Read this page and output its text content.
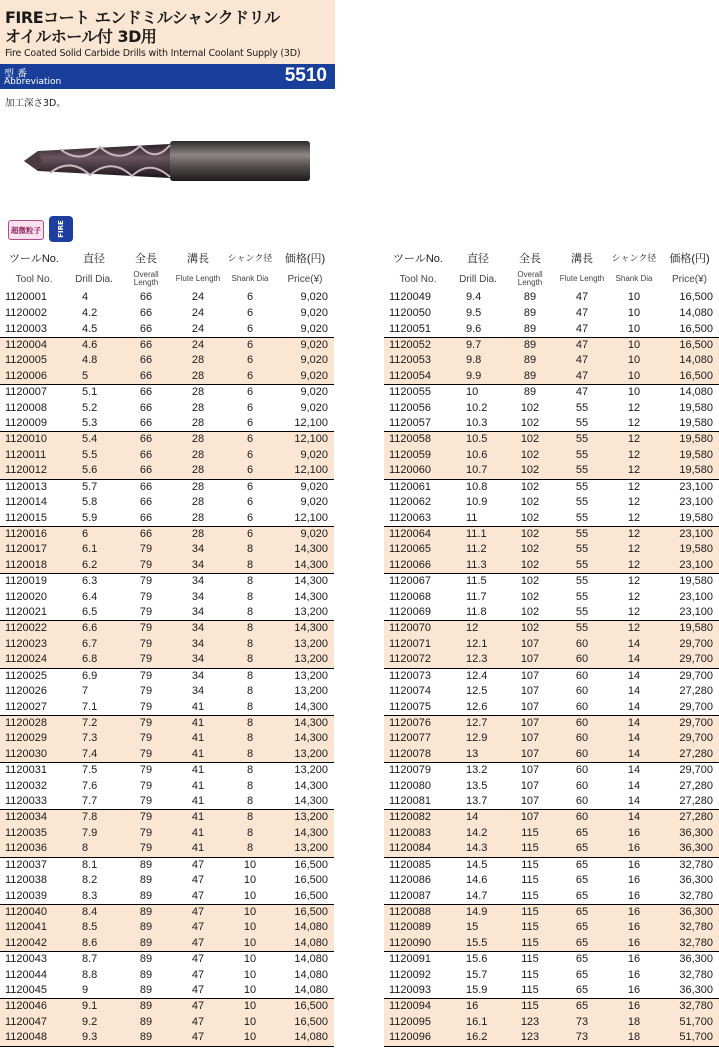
FIREコート エンドミルシャンクドリル
オイルホール付 3D用
Fire Coated Solid Carbide Drills with Internal Coolant Supply (3D)
型 番
Abbreviation	5510
加工深さ3D。
超微粒子	FIRE
ツールNo.	直径	全長	溝長	シャンク径	価格(円)
Tool No.	Drill Dia.	Overall Length	Flute Length	Shank Dia	Price(¥)
1120001	4	66	24	6	9,020
1120002	4.2	66	24	6	9,020
1120003	4.5	66	24	6	9,020
1120004	4.6	66	24	6	9,020
1120005	4.8	66	28	6	9,020
1120006	5	66	28	6	9,020
1120007	5.1	66	28	6	9,020
1120008	5.2	66	28	6	9,020
1120009	5.3	66	28	6	12,100
1120010	5.4	66	28	6	12,100
1120011	5.5	66	28	6	9,020
1120012	5.6	66	28	6	12,100
1120013	5.7	66	28	6	9,020
1120014	5.8	66	28	6	9,020
1120015	5.9	66	28	6	12,100
1120016	6	66	28	6	9,020
1120017	6.1	79	34	8	14,300
1120018	6.2	79	34	8	14,300
1120019	6.3	79	34	8	14,300
1120020	6.4	79	34	8	14,300
1120021	6.5	79	34	8	13,200
1120022	6.6	79	34	8	14,300
1120023	6.7	79	34	8	13,200
1120024	6.8	79	34	8	13,200
1120025	6.9	79	34	8	13,200
1120026	7	79	34	8	13,200
1120027	7.1	79	41	8	14,300
1120028	7.2	79	41	8	14,300
1120029	7.3	79	41	8	14,300
1120030	7.4	79	41	8	13,200
1120031	7.5	79	41	8	13,200
1120032	7.6	79	41	8	14,300
1120033	7.7	79	41	8	14,300
1120034	7.8	79	41	8	13,200
1120035	7.9	79	41	8	14,300
1120036	8	79	41	8	13,200
1120037	8.1	89	47	10	16,500
1120038	8.2	89	47	10	16,500
1120039	8.3	89	47	10	16,500
1120040	8.4	89	47	10	16,500
1120041	8.5	89	47	10	14,080
1120042	8.6	89	47	10	14,080
1120043	8.7	89	47	10	14,080
1120044	8.8	89	47	10	14,080
1120045	9	89	47	10	14,080
1120046	9.1	89	47	10	16,500
1120047	9.2	89	47	10	16,500
1120048	9.3	89	47	10	14,080
ツールNo.	直径	全長	溝長	シャンク径	価格(円)
Tool No.	Drill Dia.	Overall Length	Flute Length	Shank Dia	Price(¥)
1120049	9.4	89	47	10	16,500
1120050	9.5	89	47	10	14,080
1120051	9.6	89	47	10	16,500
1120052	9.7	89	47	10	16,500
1120053	9.8	89	47	10	14,080
1120054	9.9	89	47	10	16,500
1120055	10	89	47	10	14,080
1120056	10.2	102	55	12	19,580
1120057	10.3	102	55	12	19,580
1120058	10.5	102	55	12	19,580
1120059	10.6	102	55	12	19,580
1120060	10.7	102	55	12	19,580
1120061	10.8	102	55	12	23,100
1120062	10.9	102	55	12	23,100
1120063	11	102	55	12	19,580
1120064	11.1	102	55	12	23,100
1120065	11.2	102	55	12	19,580
1120066	11.3	102	55	12	23,100
1120067	11.5	102	55	12	19,580
1120068	11.7	102	55	12	23,100
1120069	11.8	102	55	12	23,100
1120070	12	102	55	12	19,580
1120071	12.1	107	60	14	29,700
1120072	12.3	107	60	14	29,700
1120073	12.4	107	60	14	29,700
1120074	12.5	107	60	14	27,280
1120075	12.6	107	60	14	29,700
1120076	12.7	107	60	14	29,700
1120077	12.9	107	60	14	29,700
1120078	13	107	60	14	27,280
1120079	13.2	107	60	14	29,700
1120080	13.5	107	60	14	27,280
1120081	13.7	107	60	14	27,280
1120082	14	107	60	14	27,280
1120083	14.2	115	65	16	36,300
1120084	14.3	115	65	16	36,300
1120085	14.5	115	65	16	32,780
1120086	14.6	115	65	16	36,300
1120087	14.7	115	65	16	32,780
1120088	14.9	115	65	16	36,300
1120089	15	115	65	16	32,780
1120090	15.5	115	65	16	32,780
1120091	15.6	115	65	16	36,300
1120092	15.7	115	65	16	32,780
1120093	15.9	115	65	16	36,300
1120094	16	115	65	16	32,780
1120095	16.1	123	73	18	51,700
1120096	16.2	123	73	18	51,700
